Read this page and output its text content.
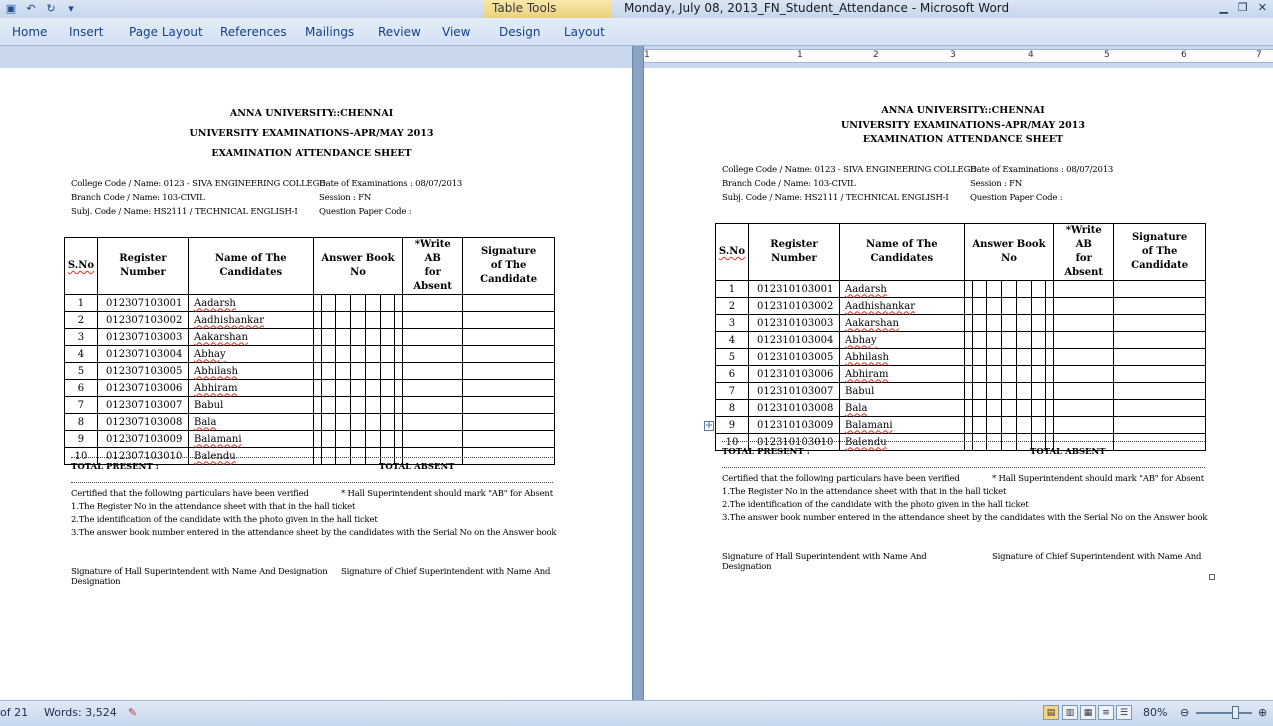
▣ ↶ ↻	▾	Table Tools	Monday, July 08, 2013_FN_Student_Attendance - Microsoft Word	▁ ❐ ✕
Home Insert Page Layout References Mailings Review View Design Layout
1	1	2	3	4	5	6	7
ANNA UNIVERSITY::CHENNAI
UNIVERSITY EXAMINATIONS-APR/MAY 2013
EXAMINATION ATTENDANCE SHEET
College Code / Name: 0123 - SIVA ENGINEERING COLLEGE
Date of Examinations : 08/07/2013
Branch Code / Name: 103-CIVIL	Session : FN
Subj. Code / Name: HS2111 / TECHNICAL ENGLISH-I	Question Paper Code :
S.No	Register Number	Name of The Candidates	Answer Book No	*Write AB
for Absent	Signature
of The Candidate
1	012307103001	Aadarsh	

2	012307103002	Aadhishankar	

3	012307103003	Aakarshan	

4	012307103004	Abhay	

5	012307103005	Abhilash	

6	012307103006	Abhiram	

7	012307103007	Babul	

8	012307103008	Bala	

9	012307103009	Balamani	

10	012307103010	Balendu	

TOTAL PRESENT :	TOTAL ABSENT
Certified that the following particulars have been verified	* Hall Superintendent should mark "AB" for Absent
1.The Register No in the attendance sheet with that in the hall ticket
2.The identification of the candidate with the photo given in the hall ticket
3.The answer book number entered in the attendance sheet by the candidates with the Serial No on the Answer book
Signature of Hall Superintendent with Name And Designation
Designation
Signature of Chief Superintendent with Name And
ANNA UNIVERSITY::CHENNAI
UNIVERSITY EXAMINATIONS-APR/MAY 2013
EXAMINATION ATTENDANCE SHEET
College Code / Name: 0123 - SIVA ENGINEERING COLLEGE
Date of Examinations : 08/07/2013
Branch Code / Name: 103-CIVIL	Session : FN
Subj. Code / Name: HS2111 / TECHNICAL ENGLISH-I	Question Paper Code :
✛
S.No	Register Number	Name of The Candidates	Answer Book No	*Write AB
for Absent	Signature
of The Candidate
1	012310103001	Aadarsh	

2	012310103002	Aadhishankar	

3	012310103003	Aakarshan	

4	012310103004	Abhay	

5	012310103005	Abhilash	

6	012310103006	Abhiram	

7	012310103007	Babul	

8	012310103008	Bala	

9	012310103009	Balamani	

10	012310103010	Balendu	

TOTAL PRESENT :	TOTAL ABSENT
Certified that the following particulars have been verified	* Hall Superintendent should mark "AB" for Absent
1.The Register No in the attendance sheet with that in the hall ticket
2.The identification of the candidate with the photo given in the hall ticket
3.The answer book number entered in the attendance sheet by the candidates with the Serial No on the Answer book
Signature of Hall Superintendent with Name And
Designation
Signature of Chief Superintendent with Name And
of 21 Words: 3,524 ✎	▤	▥	▦	≡	☰	80% ⊖	⊕
